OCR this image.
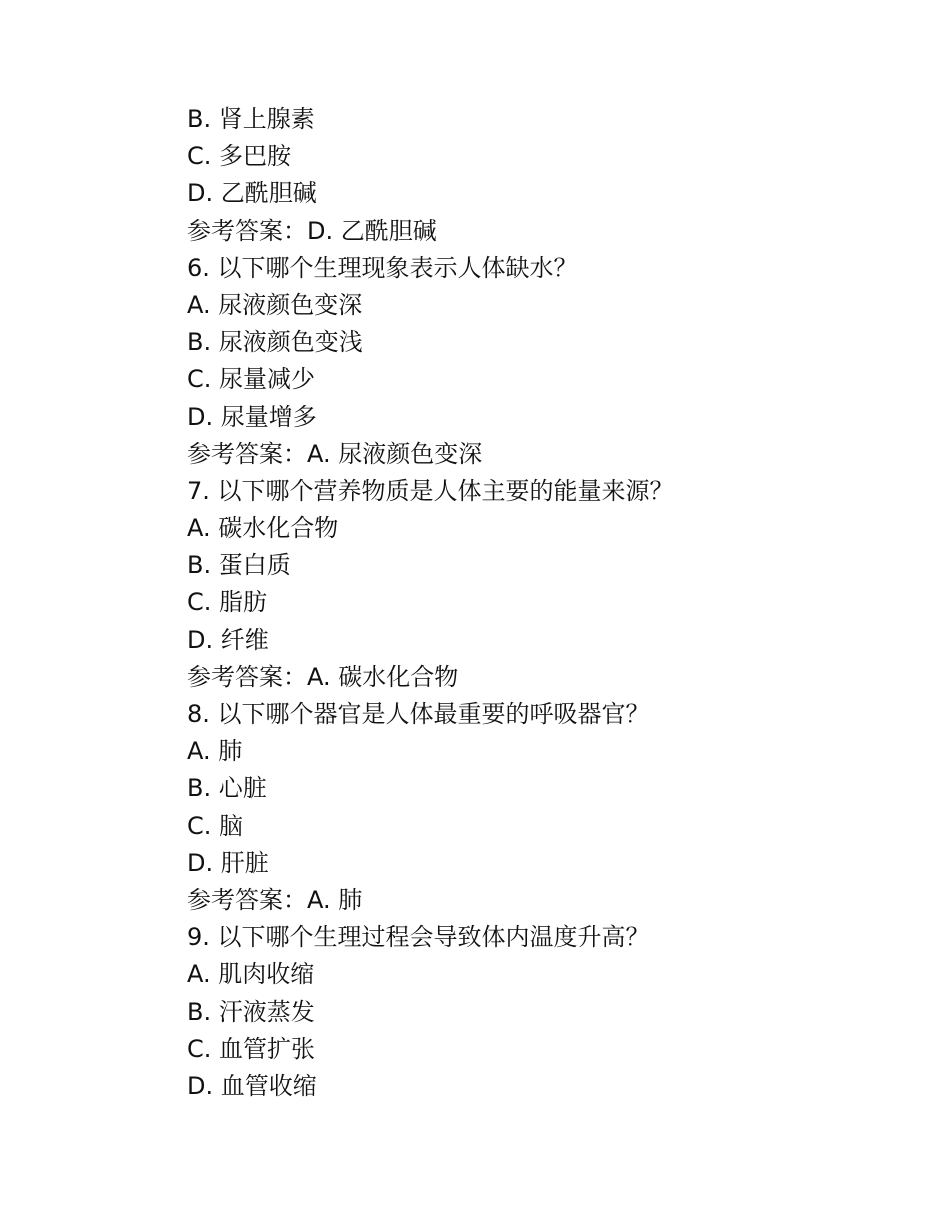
B. 肾上腺素
C. 多巴胺
D. 乙酰胆碱
参考答案：D. 乙酰胆碱
6. 以下哪个生理现象表示人体缺水？
A. 尿液颜色变深
B. 尿液颜色变浅
C. 尿量减少
D. 尿量增多
参考答案：A. 尿液颜色变深
7. 以下哪个营养物质是人体主要的能量来源？
A. 碳水化合物
B. 蛋白质
C. 脂肪
D. 纤维
参考答案：A. 碳水化合物
8. 以下哪个器官是人体最重要的呼吸器官？
A. 肺
B. 心脏
C. 脑
D. 肝脏
参考答案：A. 肺
9. 以下哪个生理过程会导致体内温度升高？
A. 肌肉收缩
B. 汗液蒸发
C. 血管扩张
D. 血管收缩
